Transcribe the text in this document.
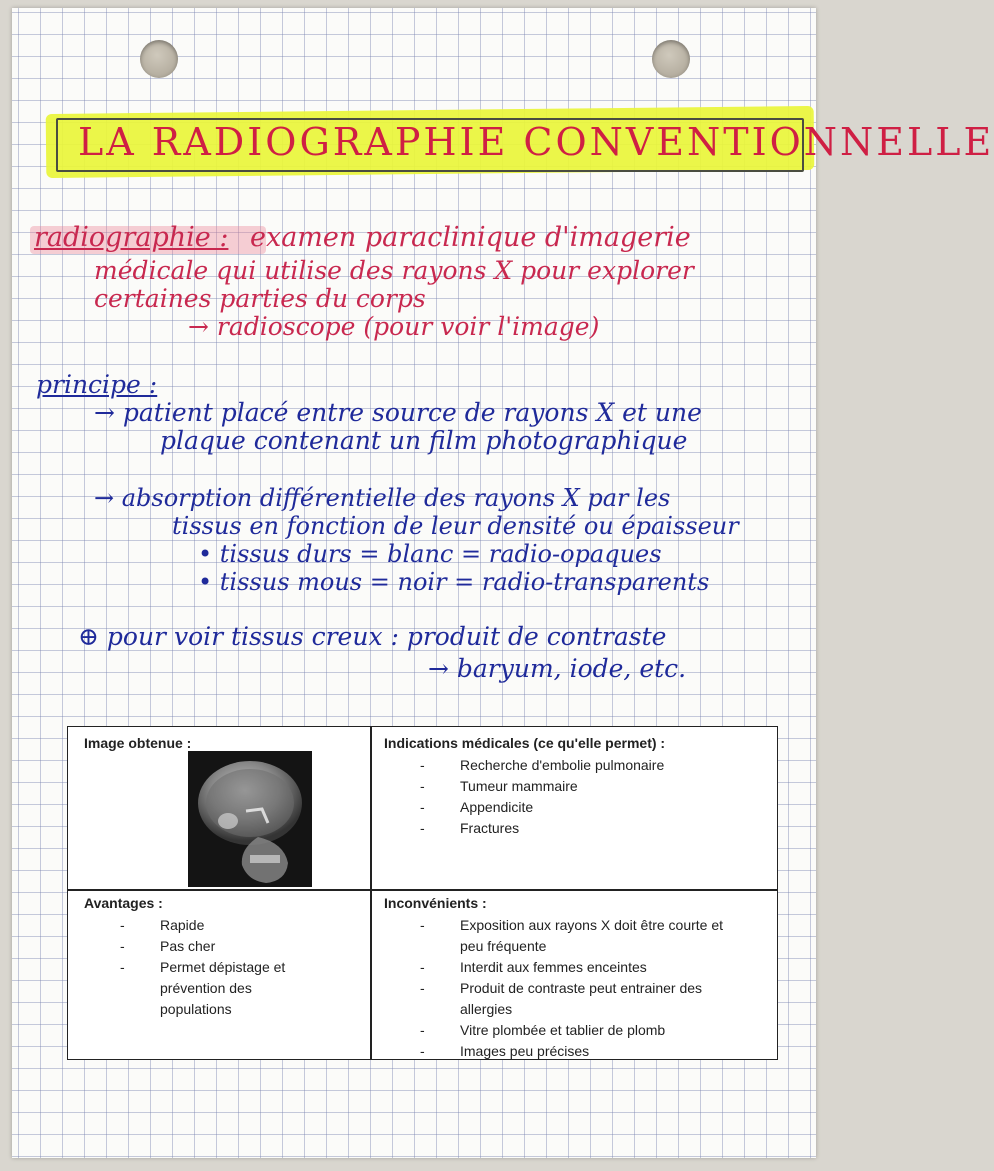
LA RADIOGRAPHIE CONVENTIONNELLE
radiographie : examen paraclinique d'imagerie
médicale qui utilise des rayons X pour explorer
certaines parties du corps
→ radioscope (pour voir l'image)
principe :
→ patient placé entre source de rayons X et une
plaque contenant un film photographique
→ absorption différentielle des rayons X par les
tissus en fonction de leur densité ou épaisseur
• tissus durs = blanc = radio-opaques
• tissus mous = noir = radio-transparents
⊕ pour voir tissus creux : produit de contraste
→ baryum, iode, etc.
Image obtenue :	Indications médicales (ce qu'elle permet) :
- Recherche d'embolie pulmonaire
- Tumeur mammaire
- Appendicite
- Fractures
Avantages :
- Rapide
- Pas cher
- Permet dépistage et prévention des populations
Inconvénients :
- Exposition aux rayons X doit être courte et peu fréquente
- Interdit aux femmes enceintes
- Produit de contraste peut entrainer des allergies
- Vitre plombée et tablier de plomb
- Images peu précises
